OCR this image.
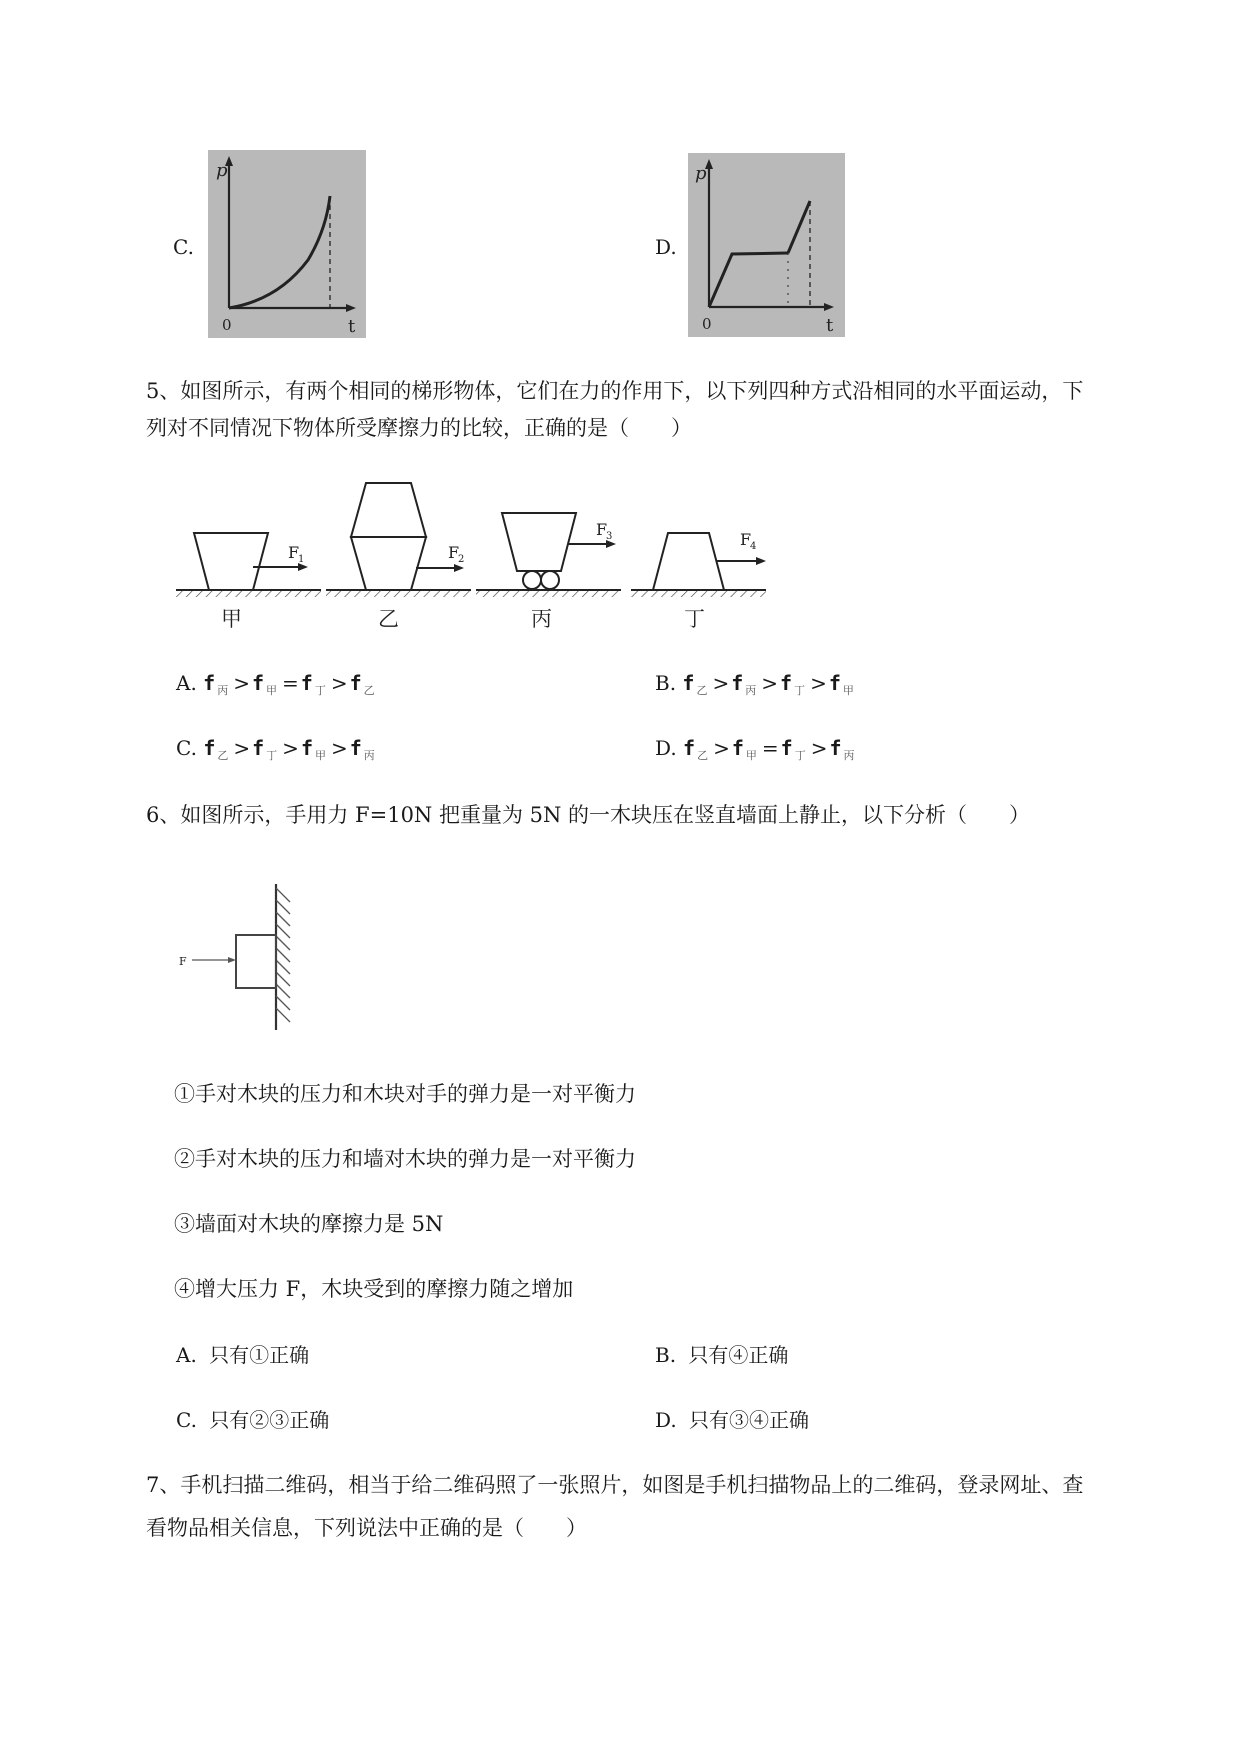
C.
p
t
0
D.
p
t
0
5、如图所示，有两个相同的梯形物体，它们在力的作用下，以下列四种方式沿相同的水平面运动，下
列对不同情况下物体所受摩擦力的比较，正确的是（　　）
F
1
甲
F
2
乙
F
3
丙
F
4
丁
A. f $_丙$ > f $_甲$ = f $_丁$ > f $_乙$	B. f $_乙$ > f $_丙$ > f $_丁$ > f $_甲$
C. f $_乙$ > f $_丁$ > f $_甲$ > f $_丙$	D. f $_乙$ > f $_甲$ = f $_丁$ > f $_丙$
6、如图所示，手用力 F=10N 把重量为 5N 的一木块压在竖直墙面上静止，以下分析（　　）
F
①手对木块的压力和木块对手的弹力是一对平衡力
②手对木块的压力和墙对木块的弹力是一对平衡力
③墙面对木块的摩擦力是 5N
④增大压力 F，木块受到的摩擦力随之增加
A. 只有①正确	B. 只有④正确
C. 只有②③正确	D. 只有③④正确
7、手机扫描二维码，相当于给二维码照了一张照片，如图是手机扫描物品上的二维码，登录网址、查
看物品相关信息，下列说法中正确的是（　　）
